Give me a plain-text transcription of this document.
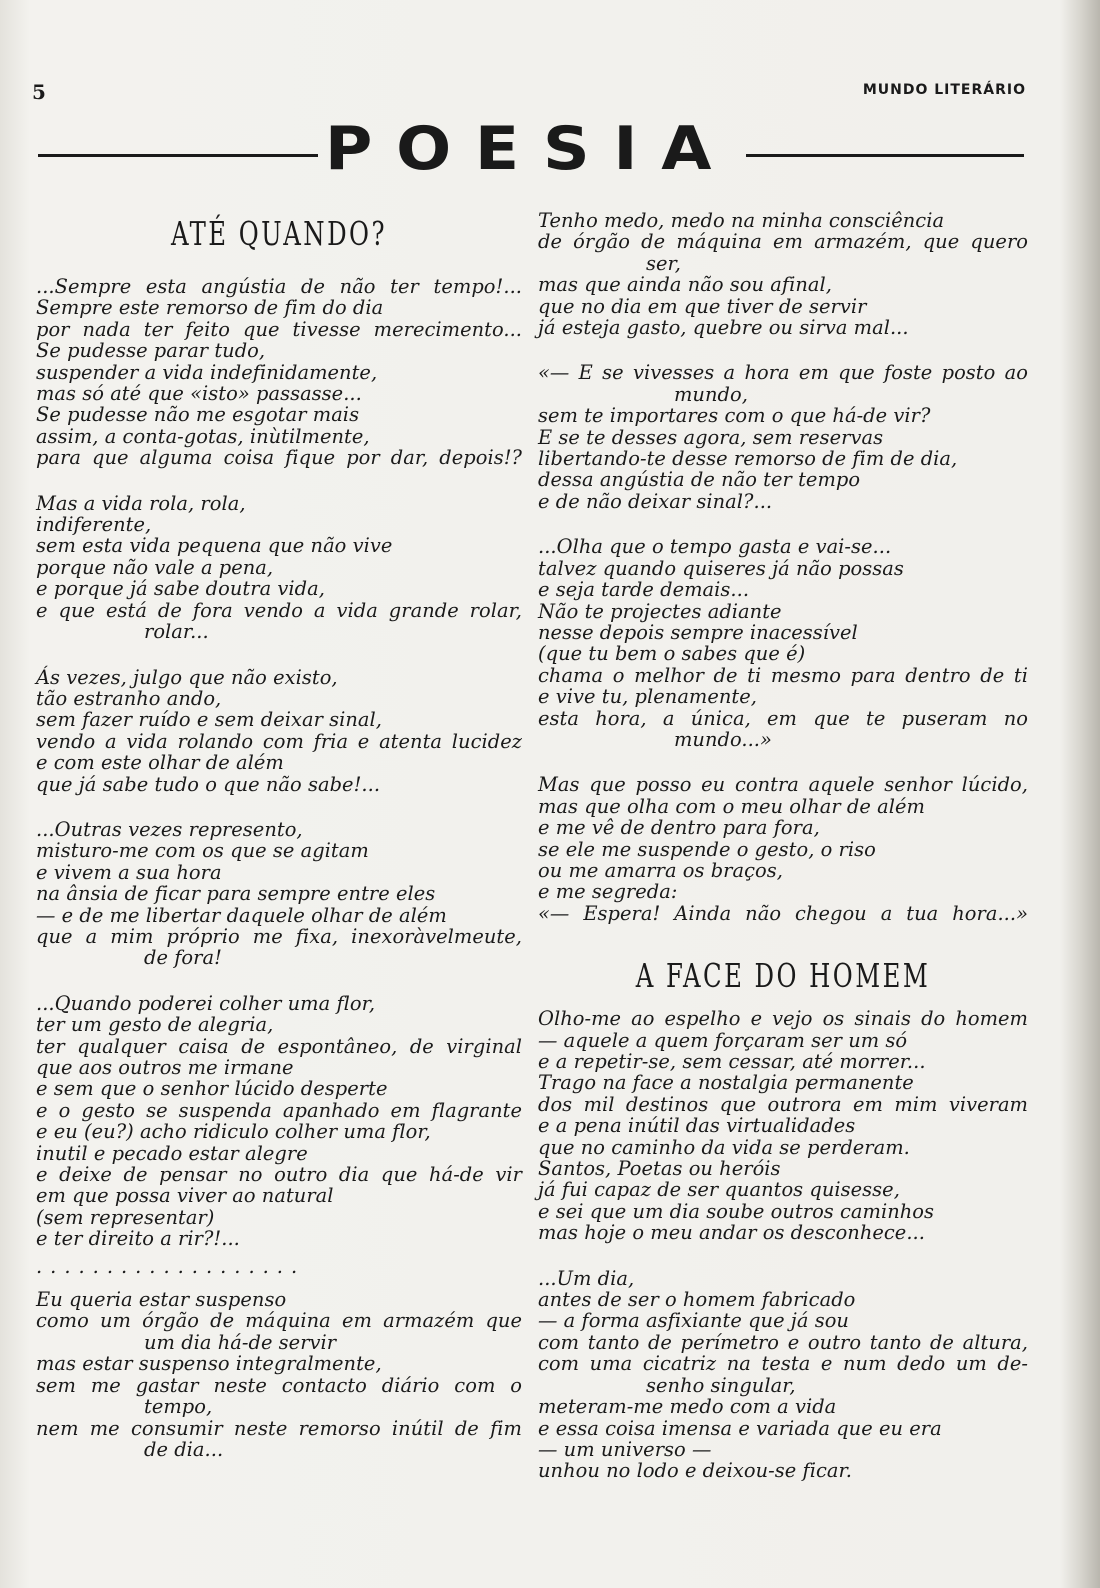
5	MUNDO LITERÁRIO
POESIA
ATÉ QUANDO?
...Sempre esta angústia de não ter tempo!...
Sempre este remorso de fim do dia
por nada ter feito que tivesse merecimento...
Se pudesse parar tudo,
suspender a vida indefinidamente,
mas só até que «isto» passasse...
Se pudesse não me esgotar mais
assim, a conta-gotas, inùtilmente,
para que alguma coisa fique por dar, depois!?
Mas a vida rola, rola,
indiferente,
sem esta vida pequena que não vive
porque não vale a pena,
e porque já sabe doutra vida,
e que está de fora vendo a vida grande rolar,
rolar...
Ás vezes, julgo que não existo,
tão estranho ando,
sem fazer ruído e sem deixar sinal,
vendo a vida rolando com fria e atenta lucidez
e com este olhar de além
que já sabe tudo o que não sabe!...
...Outras vezes represento,
misturo-me com os que se agitam
e vivem a sua hora
na ânsia de ficar para sempre entre eles
— e de me libertar daquele olhar de além
que a mim próprio me fixa, inexoràvelmeute,
de fora!
...Quando poderei colher uma flor,
ter um gesto de alegria,
ter qualquer caisa de espontâneo, de virginal
que aos outros me irmane
e sem que o senhor lúcido desperte
e o gesto se suspenda apanhado em flagrante
e eu (eu?) acho ridiculo colher uma flor,
inutil e pecado estar alegre
e deixe de pensar no outro dia que há-de vir
em que possa viver ao natural
(sem representar)
e ter direito a rir?!...
...................
Eu queria estar suspenso
como um órgão de máquina em armazém que
um dia há-de servir
mas estar suspenso integralmente,
sem me gastar neste contacto diário com o
tempo,
nem me consumir neste remorso inútil de fim
de dia...
Tenho medo, medo na minha consciência
de órgão de máquina em armazém, que quero
ser,
mas que ainda não sou afinal,
que no dia em que tiver de servir
já esteja gasto, quebre ou sirva mal...
«— E se vivesses a hora em que foste posto ao
mundo,
sem te importares com o que há-de vir?
E se te desses agora, sem reservas
libertando-te desse remorso de fim de dia,
dessa angústia de não ter tempo
e de não deixar sinal?...
...Olha que o tempo gasta e vai-se...
talvez quando quiseres já não possas
e seja tarde demais...
Não te projectes adiante
nesse depois sempre inacessível
(que tu bem o sabes que é)
chama o melhor de ti mesmo para dentro de ti
e vive tu, plenamente,
esta hora, a única, em que te puseram no
mundo...»
Mas que posso eu contra aquele senhor lúcido,
mas que olha com o meu olhar de além
e me vê de dentro para fora,
se ele me suspende o gesto, o riso
ou me amarra os braços,
e me segreda:
«— Espera! Ainda não chegou a tua hora...»
A FACE DO HOMEM
Olho-me ao espelho e vejo os sinais do homem
— aquele a quem forçaram ser um só
e a repetir-se, sem cessar, até morrer...
Trago na face a nostalgia permanente
dos mil destinos que outrora em mim viveram
e a pena inútil das virtualidades
que no caminho da vida se perderam.
Santos, Poetas ou heróis
já fui capaz de ser quantos quisesse,
e sei que um dia soube outros caminhos
mas hoje o meu andar os desconhece...
...Um dia,
antes de ser o homem fabricado
— a forma asfixiante que já sou
com tanto de perímetro e outro tanto de altura,
com uma cicatriz na testa e num dedo um de-
senho singular,
meteram-me medo com a vida
e essa coisa imensa e variada que eu era
— um universo —
unhou no lodo e deixou-se ficar.
